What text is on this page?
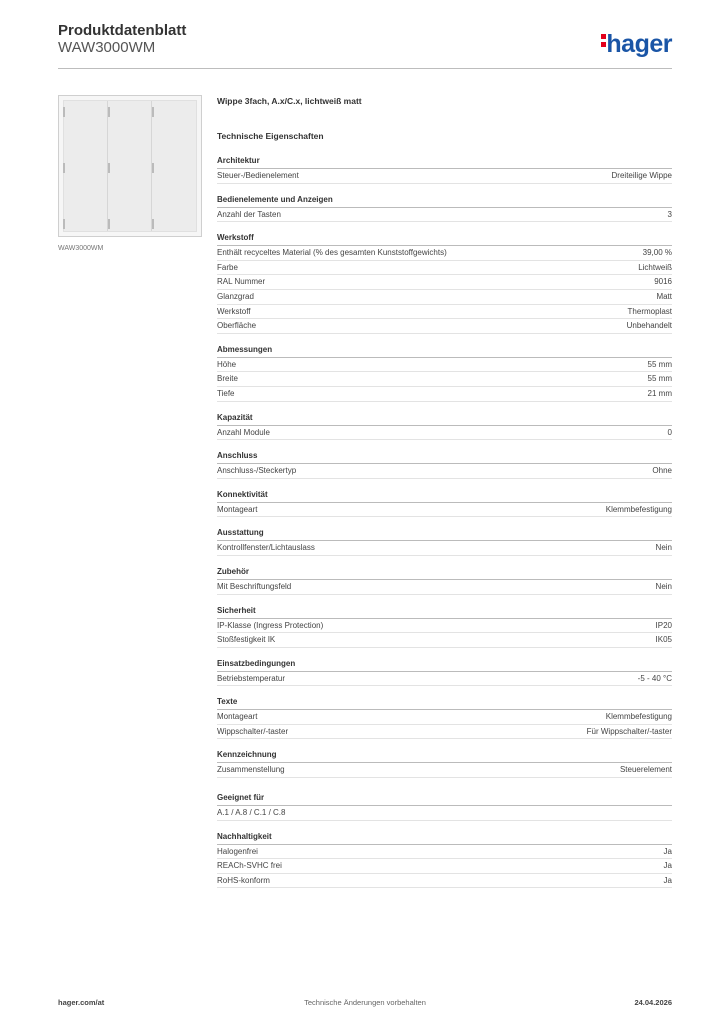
Produktdatenblatt
WAW3000WM	hager
WAW3000WM
Wippe 3fach, A.x/C.x, lichtweiß matt
Technische Eigenschaften
Architektur
Steuer-/Bedienelement	Dreiteilige Wippe
Bedienelemente und Anzeigen
Anzahl der Tasten	3
Werkstoff
Enthält recyceltes Material (% des gesamten Kunststoffgewichts)	39,00 %
Farbe	Lichtweiß
RAL Nummer	9016
Glanzgrad	Matt
Werkstoff	Thermoplast
Oberfläche	Unbehandelt
Abmessungen
Höhe	55 mm
Breite	55 mm
Tiefe	21 mm
Kapazität
Anzahl Module	0
Anschluss
Anschluss-/Steckertyp	Ohne
Konnektivität
Montageart	Klemmbefestigung
Ausstattung
Kontrollfenster/Lichtauslass	Nein
Zubehör
Mit Beschriftungsfeld	Nein
Sicherheit
IP-Klasse (Ingress Protection)	IP20
Stoßfestigkeit IK	IK05
Einsatzbedingungen
Betriebstemperatur	-5 - 40 °C
Texte
Montageart	Klemmbefestigung
Wippschalter/-taster	Für Wippschalter/-taster
Kennzeichnung
Zusammenstellung	Steuerelement
Geeignet für
A.1 / A.8 / C.1 / C.8
Nachhaltigkeit
Halogenfrei	Ja
REACh-SVHC frei	Ja
RoHS-konform	Ja
hager.com/at	Technische Änderungen vorbehalten	24.04.2026
